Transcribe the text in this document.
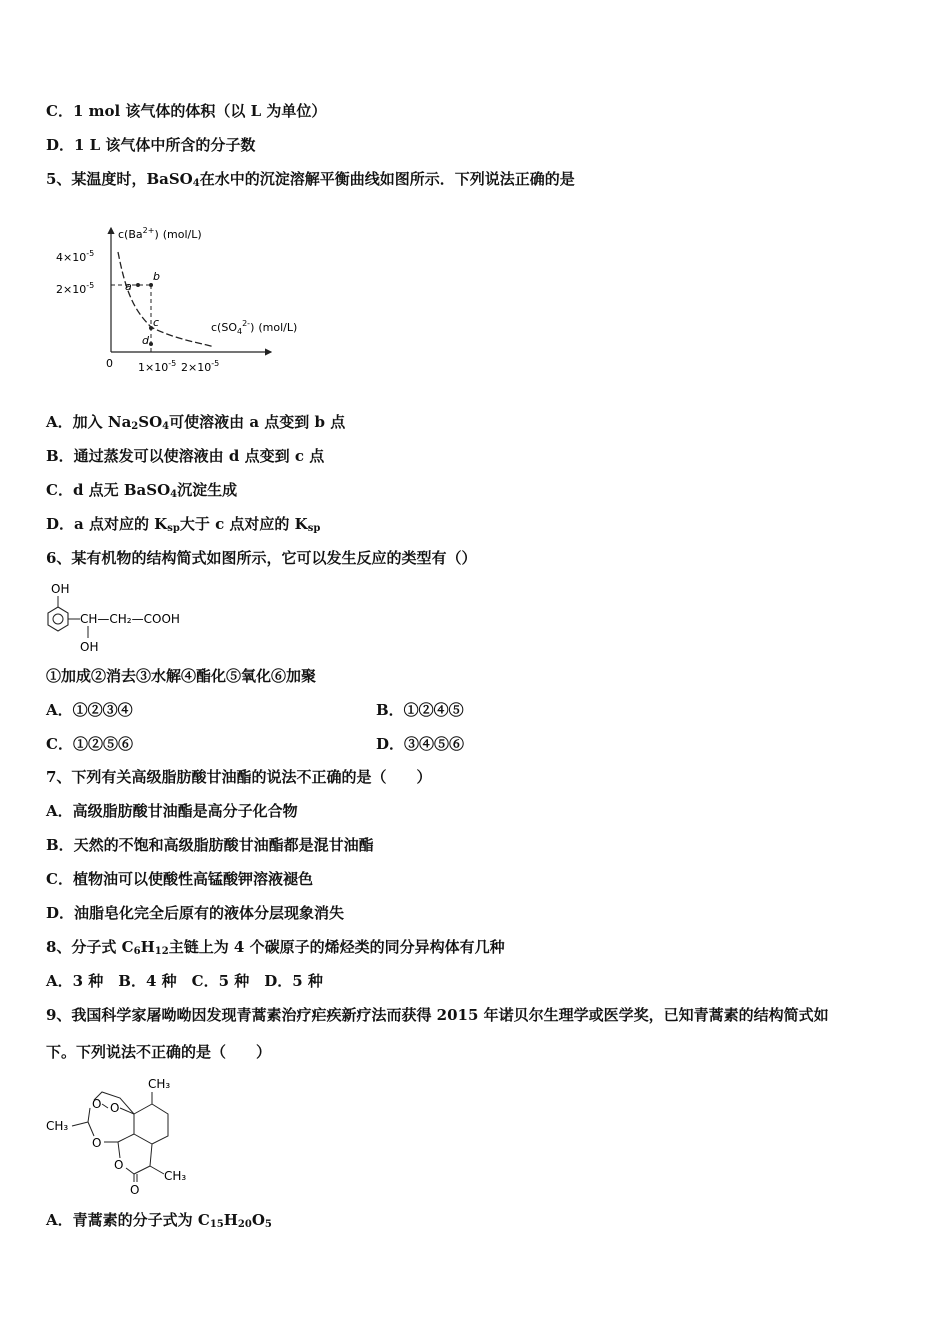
C．1 mol 该气体的体积（以 L 为单位）
D．1 L 该气体中所含的分子数
5、某温度时，BaSO$_4$在水中的沉淀溶解平衡曲线如图所示．下列说法正确的是
$c(Ba^{2+})$ (mol/L)
$4\times 10^{-5}$
$2\times 10^{-5}$	a
b
c
d
$c(SO_4^{2-})$ (mol/L)
0 $1\times 10^{-5}$ $2\times 10^{-5}$
A．加入 $Na_2SO_4$可使溶液由 a 点变到 b 点
B．通过蒸发可以使溶液由 d 点变到 c 点
C．d 点无 BaSO$_4$沉淀生成
D．a 点对应的 $K_{sp}$大于 c 点对应的 $K_{sp}$
6、某有机物的结构简式如图所示，它可以发生反应的类型有（）
OH
CH—CH₂—COOH
OH
①加成②消去③水解④酯化⑤氧化⑥加聚
A．①②③④	B．①②④⑤
C．①②⑤⑥	D．③④⑤⑥
7、下列有关高级脂肪酸甘油酯的说法不正确的是（　　）
A．高级脂肪酸甘油酯是高分子化合物
B．天然的不饱和高级脂肪酸甘油酯都是混甘油酯
C．植物油可以使酸性高锰酸钾溶液褪色
D．油脂皂化完全后原有的液体分层现象消失
8、分子式 $C_6H_{12}$主链上为 4 个碳原子的烯烃类的同分异构体有几种
A．3 种　B．4 种　C．5 种　D．5 种
9、我国科学家屠呦呦因发现青蒿素治疗疟疾新疗法而获得 2015 年诺贝尔生理学或医学奖，已知青蒿素的结构简式如
下。下列说法不正确的是（　　）
CH₃
O
O
CH₃
O
O
O
CH₃
A．青蒿素的分子式为 $C_{15}H_{20}O_5$
